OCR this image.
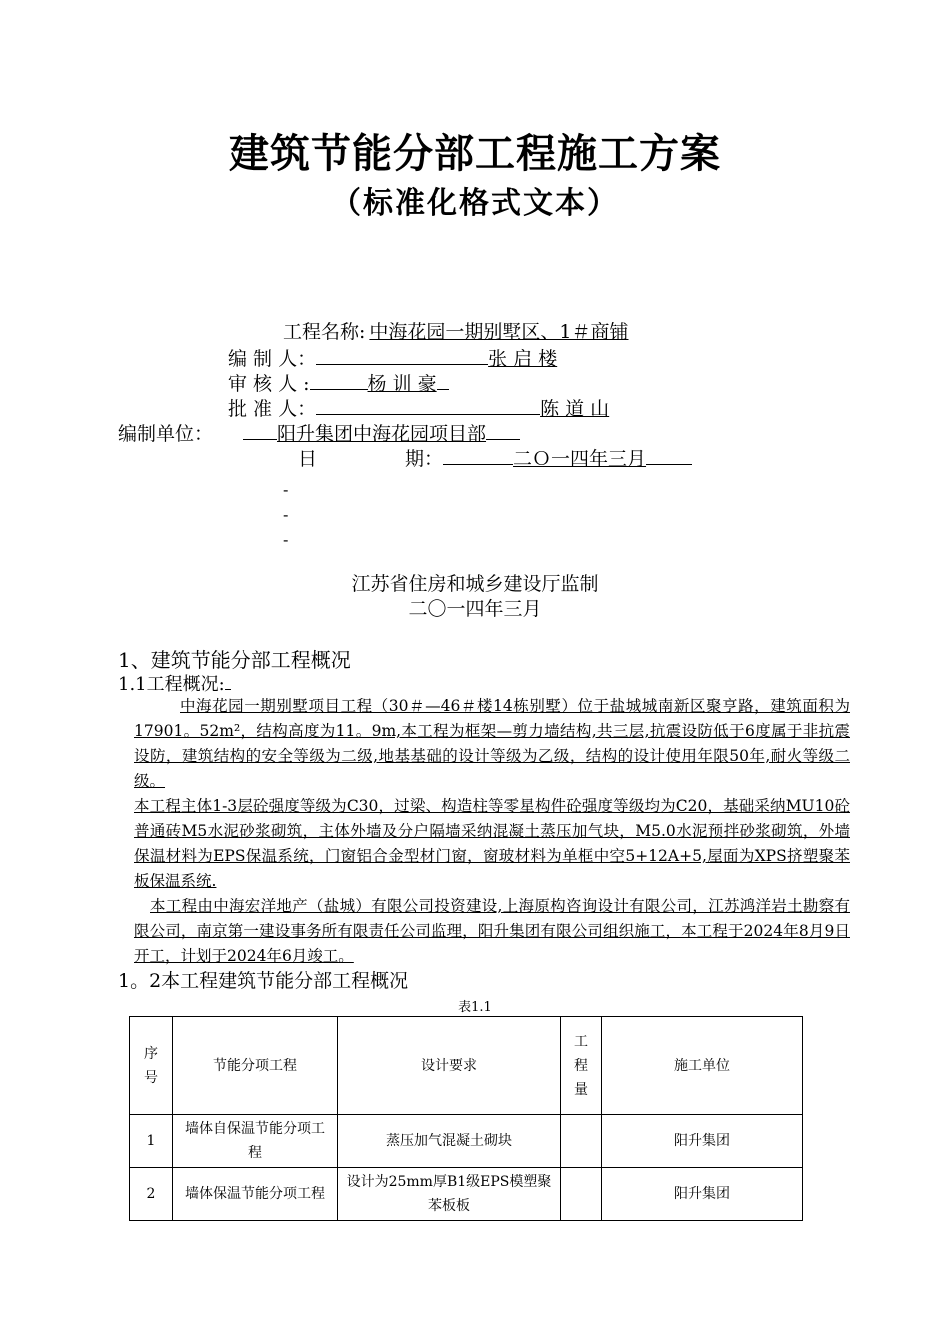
建筑节能分部工程施工方案
（标准化格式文本）
工程名称: 中海花园一期别墅区、1＃商铺
编 制 人：	张 启 楼
审 核 人 :	杨 训 豪
批 准 人：	陈 道 山
编制单位：	阳升集团中海花园项目部
日	期：	二Ｏ一四年三月
-
-
-
江苏省住房和城乡建设厅监制
二〇一四年三月
1、建筑节能分部工程概况
1.1工程概况:
中海花园一期别墅项目工程（30＃—46＃楼14栋别墅）位于盐城城南新区聚亨路，建筑面积为17901。52m²，结构高度为11。9m,本工程为框架—剪力墙结构,共三层,抗震设防低于6度属于非抗震设防，建筑结构的安全等级为二级,地基基础的设计等级为乙级，结构的设计使用年限50年,耐火等级二级。
本工程主体1-3层砼强度等级为C30，过梁、构造柱等零星构件砼强度等级均为C20，基础采纳MU10砼普通砖M5水泥砂浆砌筑，主体外墙及分户隔墙采纳混凝土蒸压加气块，M5.0水泥预拌砂浆砌筑，外墙保温材料为EPS保温系统，门窗铝合金型材门窗，窗玻材料为单框中空5+12A+5,屋面为XPS挤塑聚苯板保温系统.
本工程由中海宏洋地产（盐城）有限公司投资建设,上海原构咨询设计有限公司，江苏鸿洋岩土勘察有限公司，南京第一建设事务所有限责任公司监理，阳升集团有限公司组织施工，本工程于2024年8月9日开工，计划于2024年6月竣工。
1。2本工程建筑节能分部工程概况
表1.1
序号	节能分项工程	设计要求	工程量	施工单位
1	墙体自保温节能分项工程	蒸压加气混凝土砌块		阳升集团
2	墙体保温节能分项工程	设计为25mm厚B1级EPS模塑聚苯板板		阳升集团
